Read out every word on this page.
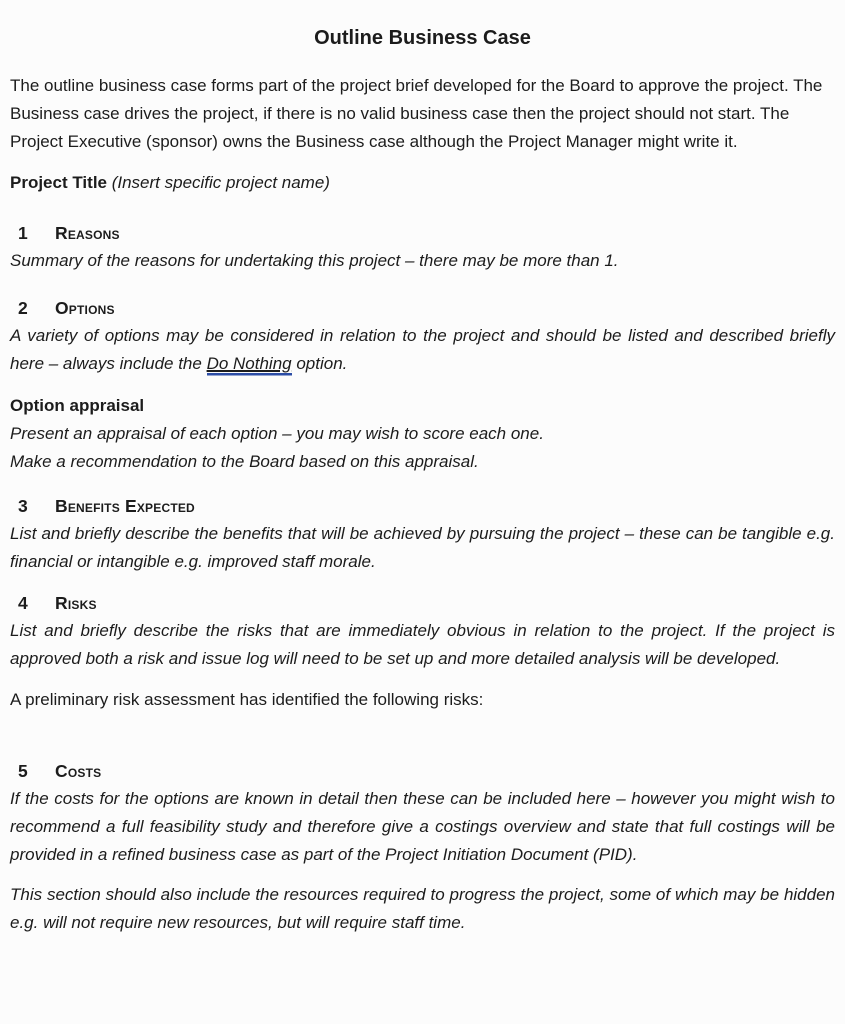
Outline Business Case

The outline business case forms part of the project brief developed for the Board to approve the project. The Business case drives the project, if there is no valid business case then the project should not start. The Project Executive (sponsor) owns the Business case although the Project Manager might write it.

Project Title (Insert specific project name)

1	Reasons

Summary of the reasons for undertaking this project – there may be more than 1.

2	Options

A variety of options may be considered in relation to the project and should be listed and described briefly here – always include the Do Nothing option.

Option appraisal
Present an appraisal of each option – you may wish to score each one.
Make a recommendation to the Board based on this appraisal.
3	Benefits Expected

List and briefly describe the benefits that will be achieved by pursuing the project – these can be tangible e.g. financial or intangible e.g. improved staff morale.

4	Risks

List and briefly describe the risks that are immediately obvious in relation to the project. If the project is approved both a risk and issue log will need to be set up and more detailed analysis will be developed.

A preliminary risk assessment has identified the following risks:

5	Costs

If the costs for the options are known in detail then these can be included here – however you might wish to recommend a full feasibility study and therefore give a costings overview and state that full costings will be provided in a refined business case as part of the Project Initiation Document (PID).

This section should also include the resources required to progress the project, some of which may be hidden e.g. will not require new resources, but will require staff time.
